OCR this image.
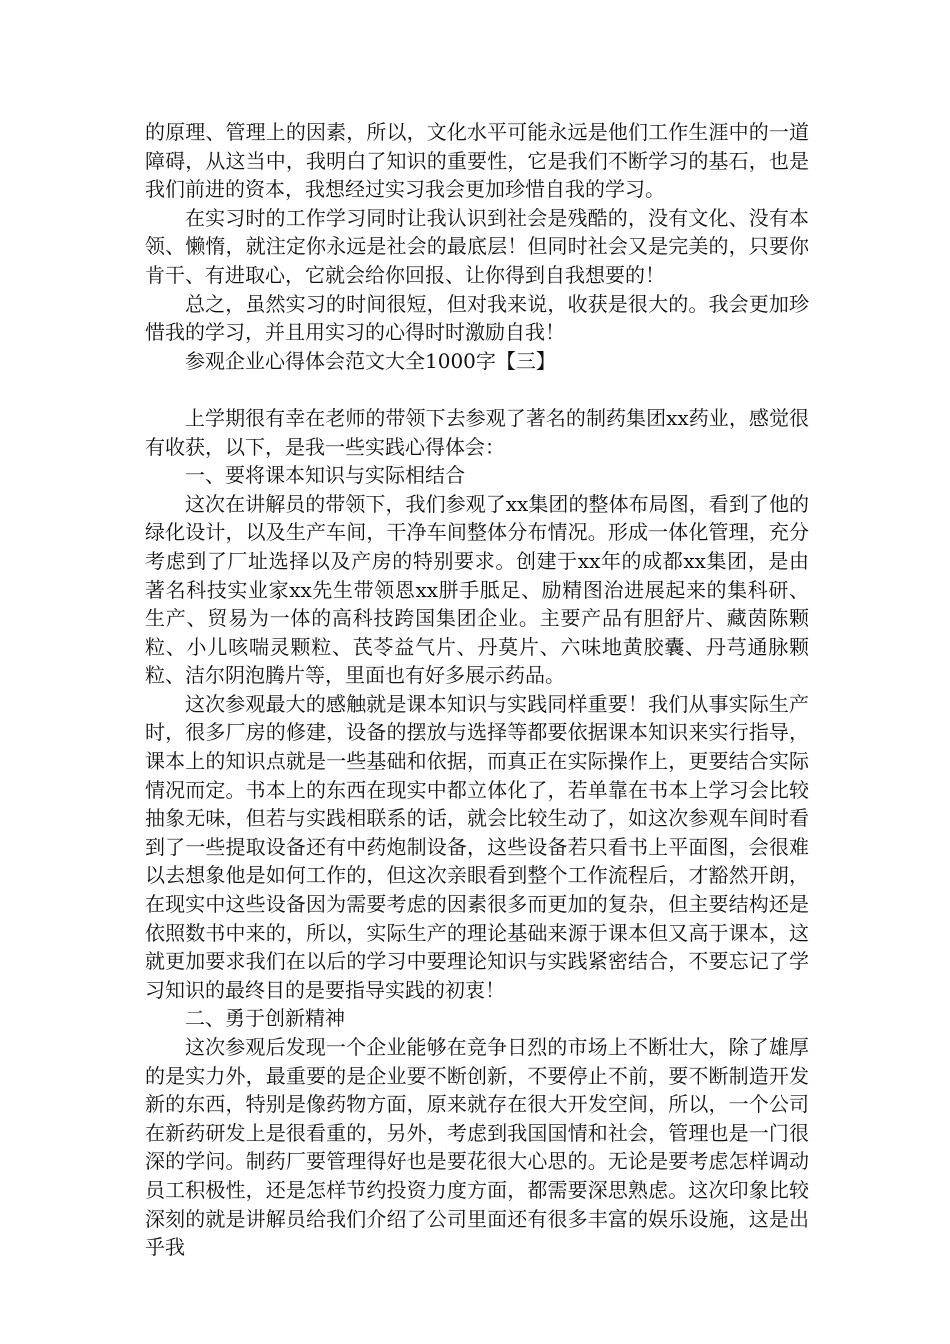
的原理、管理上的因素，所以，文化水平可能永远是他们工作生涯中的一道障碍，从这当中，我明白了知识的重要性，它是我们不断学习的基石，也是我们前进的资本，我想经过实习我会更加珍惜自我的学习。

在实习时的工作学习同时让我认识到社会是残酷的，没有文化、没有本领、懒惰，就注定你永远是社会的最底层！但同时社会又是完美的，只要你肯干、有进取心，它就会给你回报、让你得到自我想要的！

总之，虽然实习的时间很短，但对我来说，收获是很大的。我会更加珍惜我的学习，并且用实习的心得时时激励自我！

参观企业心得体会范文大全1000字【三】

上学期很有幸在老师的带领下去参观了著名的制药集团xx药业，感觉很有收获，以下，是我一些实践心得体会：

一、要将课本知识与实际相结合

这次在讲解员的带领下，我们参观了xx集团的整体布局图，看到了他的绿化设计，以及生产车间，干净车间整体分布情况。形成一体化管理，充分考虑到了厂址选择以及产房的特别要求。创建于xx年的成都xx集团，是由著名科技实业家xx先生带领恩xx胼手胝足、励精图治进展起来的集科研、生产、贸易为一体的高科技跨国集团企业。主要产品有胆舒片、藏茵陈颗粒、小儿咳喘灵颗粒、芪苓益气片、丹莫片、六味地黄胶囊、丹芎通脉颗粒、洁尔阴泡腾片等，里面也有好多展示药品。

这次参观最大的感触就是课本知识与实践同样重要！我们从事实际生产时，很多厂房的修建，设备的摆放与选择等都要依据课本知识来实行指导，课本上的知识点就是一些基础和依据，而真正在实际操作上，更要结合实际情况而定。书本上的东西在现实中都立体化了，若单靠在书本上学习会比较抽象无味，但若与实践相联系的话，就会比较生动了，如这次参观车间时看到了一些提取设备还有中药炮制设备，这些设备若只看书上平面图，会很难以去想象他是如何工作的，但这次亲眼看到整个工作流程后，才豁然开朗，在现实中这些设备因为需要考虑的因素很多而更加的复杂，但主要结构还是依照数书中来的，所以，实际生产的理论基础来源于课本但又高于课本，这就更加要求我们在以后的学习中要理论知识与实践紧密结合，不要忘记了学习知识的最终目的是要指导实践的初衷！

二、勇于创新精神

这次参观后发现一个企业能够在竞争日烈的市场上不断壮大，除了雄厚的是实力外，最重要的是企业要不断创新，不要停止不前，要不断制造开发新的东西，特别是像药物方面，原来就存在很大开发空间，所以，一个公司在新药研发上是很看重的，另外，考虑到我国国情和社会，管理也是一门很深的学问。制药厂要管理得好也是要花很大心思的。无论是要考虑怎样调动员工积极性，还是怎样节约投资力度方面，都需要深思熟虑。这次印象比较深刻的就是讲解员给我们介绍了公司里面还有很多丰富的娱乐设施，这是出乎我
